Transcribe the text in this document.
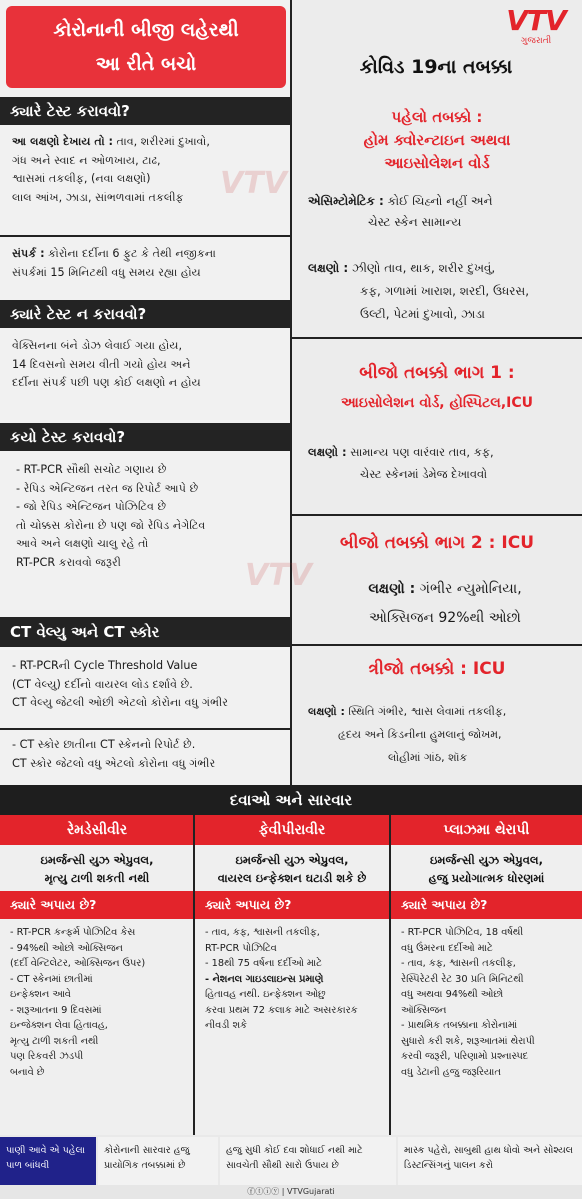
કોરોનાની બીજી લહેરથી
આ રીતે બચો
VTV
ગુજરાતી
કોવિડ 19ના તબક્કા
VTV
VTV
ક્યારે ટેસ્ટ કરાવવો?
આ લક્ષણો દેખાય તો : તાવ, શરીરમાં દુખાવો,
ગંધ અને સ્વાદ ન ઓળખાય, ટાઢ,
શ્વાસમાં તકલીફ, (નવા લક્ષણો)
લાલ આંખ, ઝાડા, સાંભળવામાં તકલીફ
સંપર્ક : કોરોના દર્દીના 6 ફુટ કે તેથી નજીકના
સંપર્કમાં 15 મિનિટથી વધુ સમય રહ્યા હોય
ક્યારે ટેસ્ટ ન કરાવવો?
વેક્સિનના બંને ડોઝ લેવાઈ ગયા હોય,
14 દિવસનો સમય વીતી ગયો હોય અને
દર્દીના સંપર્ક પછી પણ કોઈ લક્ષણો ન હોય
કયો ટેસ્ટ કરાવવો?
- RT-PCR સૌથી સચોટ ગણાય છે
- રેપિડ એન્ટિજન તરત જ રિપોર્ટ આપે છે
- જો રેપિડ એન્ટિજન પોઝિટિવ છે
તો ચોક્કસ કોરોના છે પણ જો રેપિડ નેગેટિવ
આવે અને લક્ષણો ચાલુ રહે તો
RT-PCR કરાવવો જરૂરી
CT વેલ્યુ અને CT સ્કોર
- RT-PCRની Cycle Threshold Value
(CT વેલ્યુ) દર્દીનો વાયરલ લોડ દર્શાવે છે.
CT વેલ્યુ જેટલી ઓછી એટલો કોરોના વધુ ગંભીર
- CT સ્કોર છાતીના CT સ્કેનનો રિપોર્ટ છે.
CT સ્કોર જેટલો વધુ એટલો કોરોના વધુ ગંભીર
પહેલો તબક્કો :
હોમ ક્વોરન્ટાઇન અથવા
આઇસોલેશન વોર્ડ
એસિમ્ટોમેટિક : કોઈ ચિહ્નો નહીં અને
ચેસ્ટ સ્કેન સામાન્ય
લક્ષણો : ઝીણો તાવ, થાક, શરીર દુખવું,
કફ, ગળામાં ખારાશ, શરદી, ઉધરસ,
ઉલ્ટી, પેટમાં દુખાવો, ઝાડા
બીજો તબક્કો ભાગ 1 :
આઇસોલેશન વોર્ડ, હોસ્પિટલ,ICU
લક્ષણો : સામાન્ય પણ વારંવાર તાવ, કફ,
ચેસ્ટ સ્કેનમાં ડેમેજ દેખાવવો
બીજો તબક્કો ભાગ 2 : ICU
લક્ષણો : ગંભીર ન્યુમોનિયા,
ઓક્સિજન 92%થી ઓછો
ત્રીજો તબક્કો : ICU
લક્ષણો : સ્થિતિ ગંભીર, શ્વાસ લેવામાં તકલીફ,
હૃદય અને કિડનીના હુમલાનું જોખમ,
લોહીમાં ગાંઠ, શૉક
દવાઓ અને સારવાર
રેમડેસીવીર
ઇમર્જન્સી યુઝ એપ્રુવલ,
મૃત્યુ ટાળી શકતી નથી
ક્યારે અપાય છે?
- RT-PCR કન્ફર્મ પોઝિટિવ કેસ
- 94%થી ઓછો ઓક્સિજન
(દર્દી વેન્ટિલેટર, ઓક્સિજન ઉપર)
- CT સ્કેનમાં છાતીમાં
ઇન્ફેક્શન આવે
- શરૂઆતના 9 દિવસમાં
ઇન્જેક્શન લેવા હિતાવહ,
મૃત્યુ ટાળી શકતી નથી
પણ રિકવરી ઝડપી
બનાવે છે
ફેવીપીરાવીર
ઇમર્જન્સી યુઝ એપ્રુવલ,
વાયરલ ઇન્ફેક્શન ઘટાડી શકે છે
ક્યારે અપાય છે?
- તાવ, કફ, શ્વાસની તકલીફ,
RT-PCR પોઝિટિવ
- 18થી 75 વર્ષના દર્દીઓ માટે
- નેશનલ ગાઇડલાઇન્સ પ્રમાણે
હિતાવહ નથી. ઇન્ફેક્શન ઓછુ
કરવા પ્રથમ 72 કલાક માટે અસરકારક
નીવડી શકે
પ્લાઝમા થેરાપી
ઇમર્જન્સી યુઝ એપ્રુવલ,
હજુ પ્રયોગાત્મક ધોરણમાં
ક્યારે અપાય છે?
- RT-PCR પોઝિટિવ, 18 વર્ષથી
વધુ ઉંમરના દર્દીઓ માટે
- તાવ, કફ, શ્વાસની તકલીફ,
રેસ્પિરેટરી રેટ 30 પ્રતિ મિનિટથી
વધુ અથવા 94%થી ઓછો
ઑક્સિજન
- પ્રાથમિક તબક્કાના કોરોનામાં
સુધારો કરી શકે, શરૂઆતમાં થેરાપી
કરવી જરૂરી, પરિણામો પ્રશ્નાસ્પદ
વધુ ડેટાની હજુ જરૂરિયાત
પાણી આવે એ પહેલા પાળ બાંધવી
કોરોનાની સારવાર હજુ પ્રાયોગિક તબક્કામાં છે
હજુ સુધી કોઈ દવા શોધાઈ નથી માટે સાવચેતી સૌથી સારો ઉપાય છે
માસ્ક પહેરો, સાબુથી હાથ ધોવો અને સોશ્યલ ડિસ્ટન્સિંગનું પાલન કરો
ⓕⓣⓘⓨ | VTVGujarati
